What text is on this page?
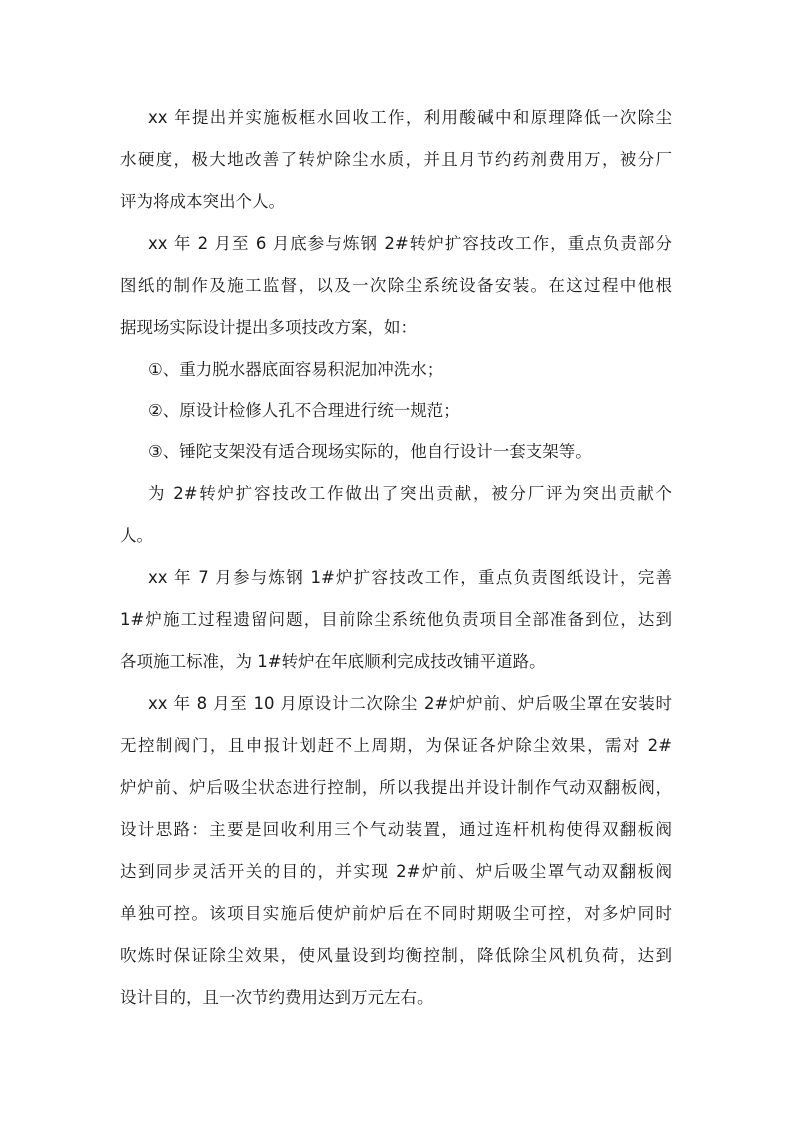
xx 年提出并实施板框水回收工作，利用酸碱中和原理降低一次除尘
水硬度，极大地改善了转炉除尘水质，并且月节约药剂费用万，被分厂
评为将成本突出个人。
xx 年 2 月至 6 月底参与炼钢 2#转炉扩容技改工作，重点负责部分
图纸的制作及施工监督，以及一次除尘系统设备安装。在这过程中他根
据现场实际设计提出多项技改方案，如：
①、重力脱水器底面容易积泥加冲洗水；
②、原设计检修人孔不合理进行统一规范；
③、锤陀支架没有适合现场实际的，他自行设计一套支架等。
为 2#转炉扩容技改工作做出了突出贡献，被分厂评为突出贡献个
人。
xx 年 7 月参与炼钢 1#炉扩容技改工作，重点负责图纸设计，完善
1#炉施工过程遗留问题，目前除尘系统他负责项目全部准备到位，达到
各项施工标准，为 1#转炉在年底顺利完成技改铺平道路。
xx 年 8 月至 10 月原设计二次除尘 2#炉炉前、炉后吸尘罩在安装时
无控制阀门，且申报计划赶不上周期，为保证各炉除尘效果，需对 2#
炉炉前、炉后吸尘状态进行控制，所以我提出并设计制作气动双翻板阀，
设计思路：主要是回收利用三个气动装置，通过连杆机构使得双翻板阀
达到同步灵活开关的目的，并实现 2#炉前、炉后吸尘罩气动双翻板阀
单独可控。该项目实施后使炉前炉后在不同时期吸尘可控，对多炉同时
吹炼时保证除尘效果，使风量设到均衡控制，降低除尘风机负荷，达到
设计目的，且一次节约费用达到万元左右。
